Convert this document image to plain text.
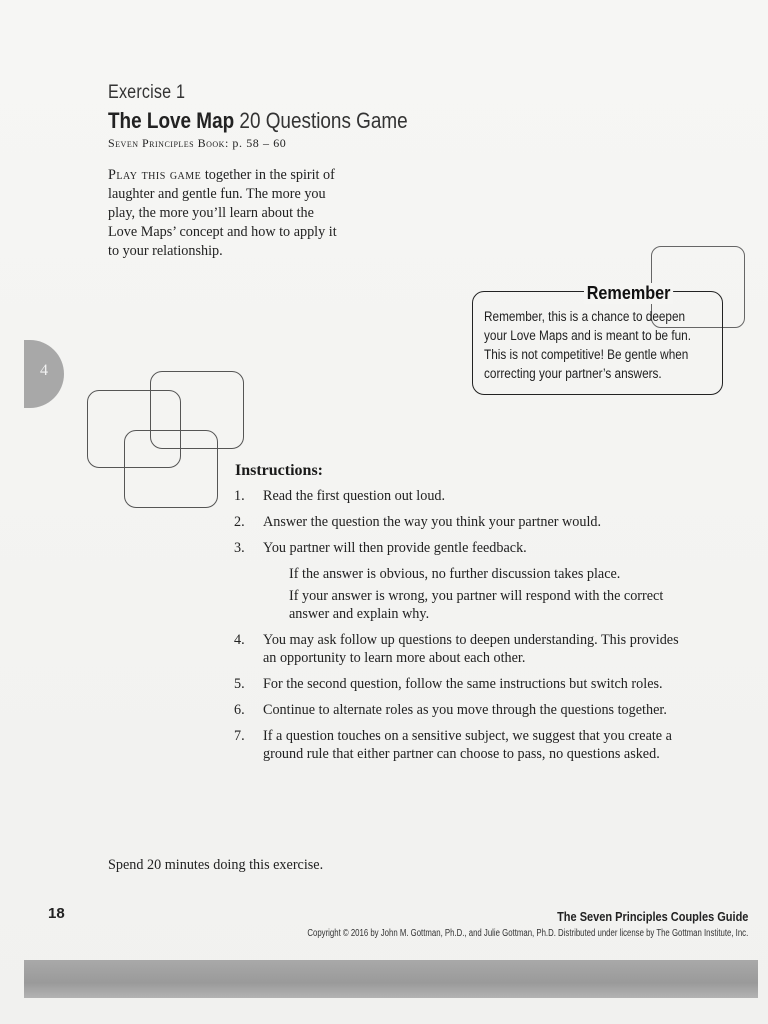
4
Exercise 1
The Love Map 20 Questions Game
Seven Principles Book: p. 58 – 60
Play this game together in the spirit of laughter and gentle fun. The more you play, the more you’ll learn about the Love Maps’ concept and how to apply it to your relationship.
Remember
Remember, this is a chance to deepen your Love Maps and is meant to be fun. This is not competitive! Be gentle when correcting your partner’s answers.
Instructions:
1.	Read the first question out loud.
2.	Answer the question the way you think your partner would.
3.	You partner will then provide gentle feedback.
If the answer is obvious, no further discussion takes place.
If your answer is wrong, you partner will respond with the correct answer and explain why.
4.	You may ask follow up questions to deepen understanding. This provides an opportunity to learn more about each other.
5.	For the second question, follow the same instructions but switch roles.
6.	Continue to alternate roles as you move through the questions together.
7.	If a question touches on a sensitive subject, we suggest that you create a ground rule that either partner can choose to pass, no questions asked.
Spend 20 minutes doing this exercise.
18	The Seven Principles Couples Guide
Copyright © 2016 by John M. Gottman, Ph.D., and Julie Gottman, Ph.D. Distributed under license by The Gottman Institute, Inc.
